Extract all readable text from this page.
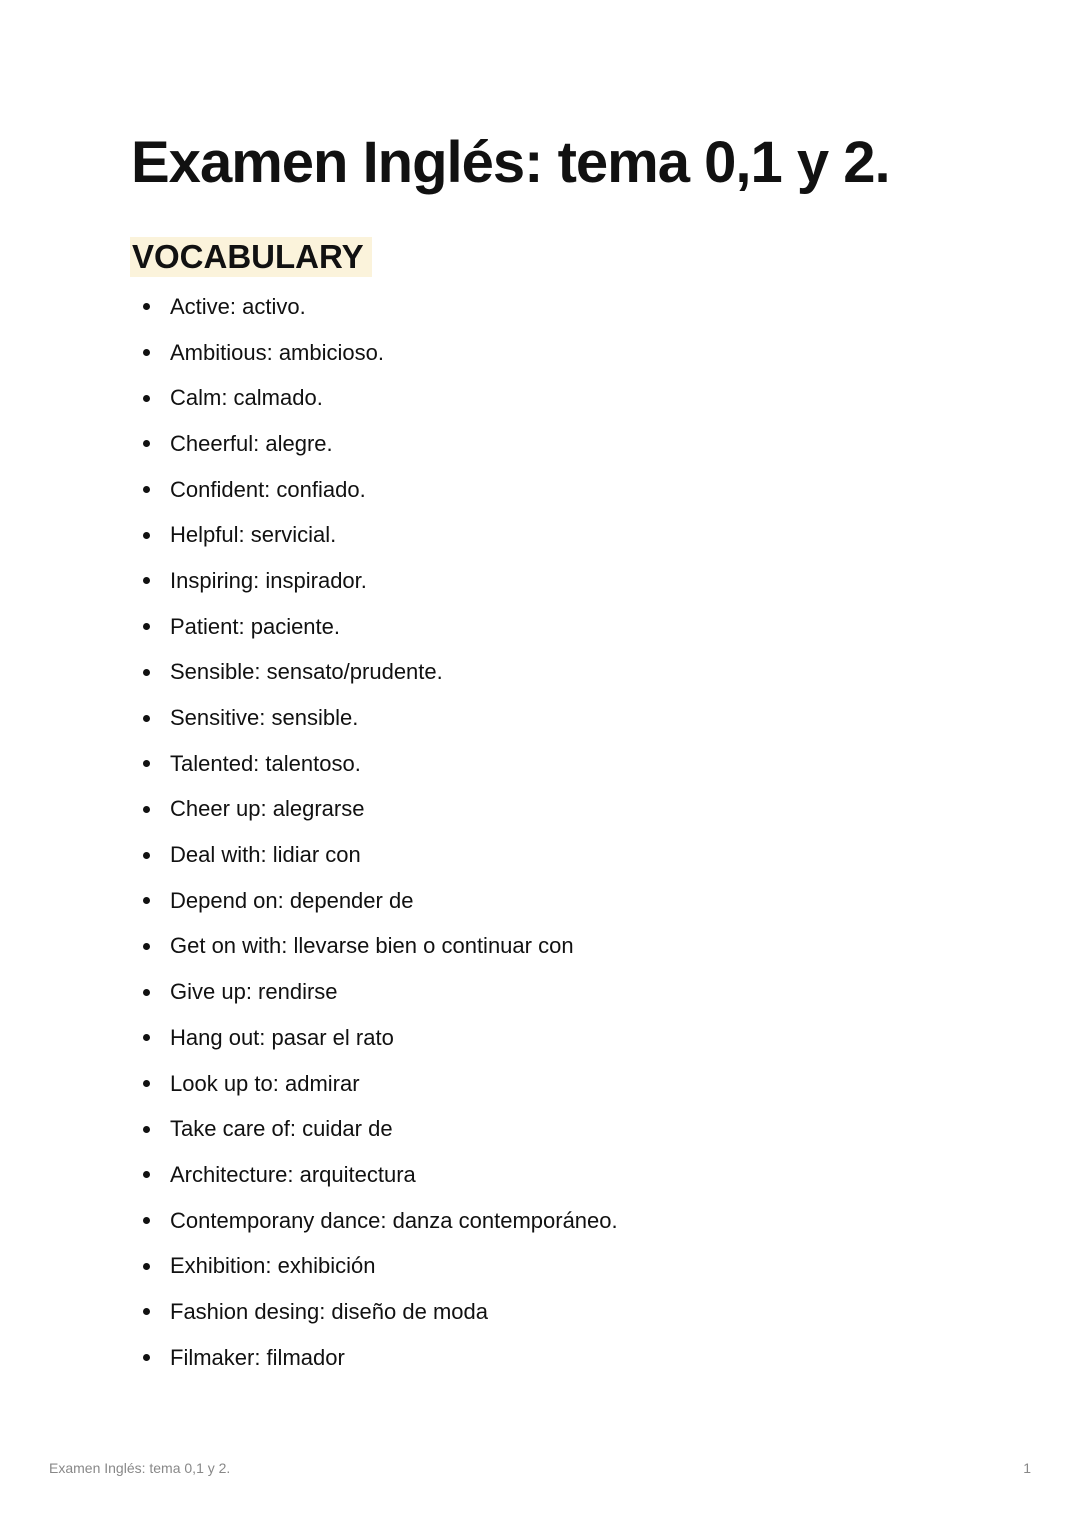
Examen Inglés: tema 0,1 y 2.
VOCABULARY
Active: activo.
Ambitious: ambicioso.
Calm: calmado.
Cheerful: alegre.
Confident: confiado.
Helpful: servicial.
Inspiring: inspirador.
Patient: paciente.
Sensible: sensato/prudente.
Sensitive: sensible.
Talented: talentoso.
Cheer up: alegrarse
Deal with: lidiar con
Depend on: depender de
Get on with: llevarse bien o continuar con
Give up: rendirse
Hang out: pasar el rato
Look up to: admirar
Take care of: cuidar de
Architecture: arquitectura
Contemporany dance: danza contemporáneo.
Exhibition: exhibición
Fashion desing: diseño de moda
Filmaker: filmador
Examen Inglés: tema 0,1 y 2.	1
